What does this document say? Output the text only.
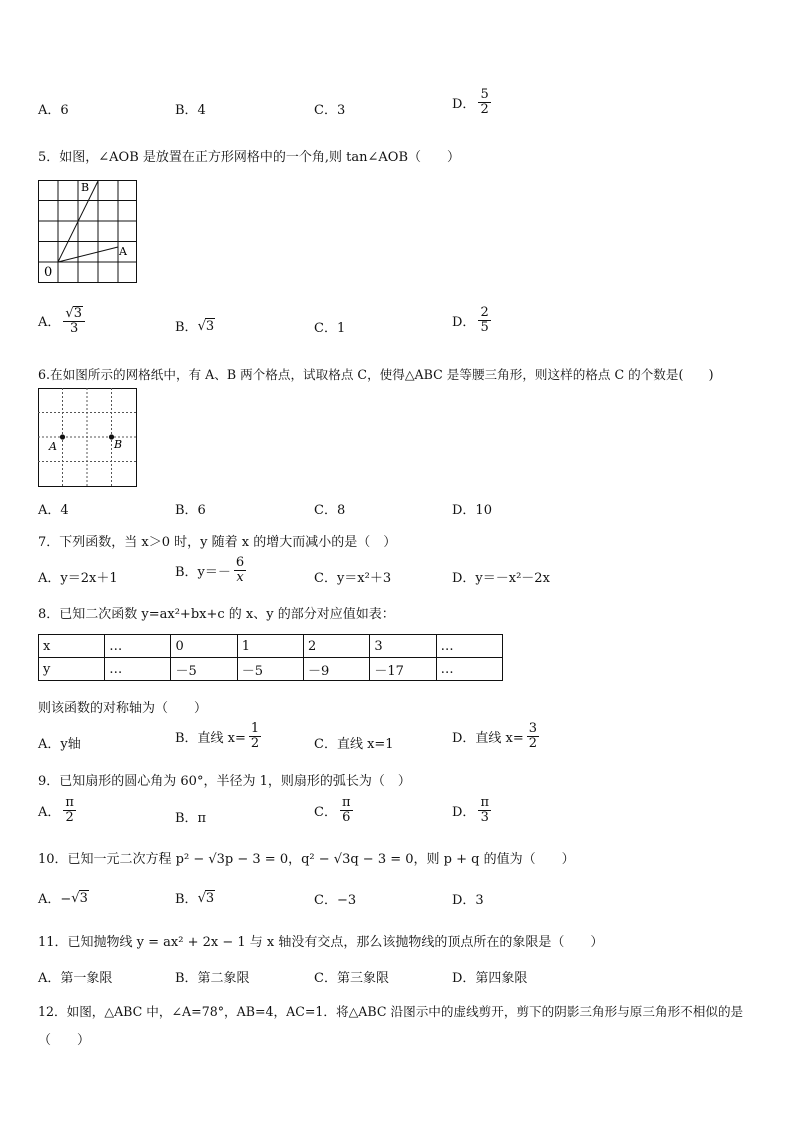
A．6	B．4	C．3	D． $\frac{5}{2}$
5．如图，∠AOB 是放置在正方形网格中的一个角,则 tan∠AOB（　　）
B
A
0
A． $\frac{√ 3}{3}$	B． √ 3	C．1	D． $\frac{2}{5}$
6.在如图所示的网格纸中，有 A、B 两个格点，试取格点 C，使得△ABC 是等腰三角形，则这样的格点 C 的个数是(　　)
A	B
A．4	B．6	C．8	D．10
7．下列函数，当 x＞0 时，y 随着 x 的增大而减小的是（　）
A．y＝2x＋1	B．$y=- \frac{6}{x}$	C．y＝x²＋3	D．y＝－x²－2x
8．已知二次函数 y=ax²+bx+c 的 x、y 的部分对应值如表：
x	…	0	1	2	3	…
y	…	－5	－5	－9	－17	…
则该函数的对称轴为（　　）
A．y轴	B．直线 $x= \frac{1}{2}$	C．直线 x=1	D．直线 $x= \frac{3}{2}$
9．已知扇形的圆心角为 60°，半径为 1，则扇形的弧长为（　）
A． $\frac{\pi}{2}$	B．π	C． $\frac{\pi}{6}$	D． $\frac{\pi}{3}$
10．已知一元二次方程 p² − √3p − 3 = 0，q² − √3q − 3 = 0，则 p + q 的值为（　　）
A．− √ 3	B． √ 3	C．−3	D．3
11．已知抛物线 y = ax² + 2x − 1 与 x 轴没有交点，那么该抛物线的顶点所在的象限是（　　）
A．第一象限	B．第二象限	C．第三象限	D．第四象限
12．如图，△ABC 中，∠A=78°，AB=4，AC=1．将△ABC 沿图示中的虚线剪开，剪下的阴影三角形与原三角形不相似的是
（　　）
